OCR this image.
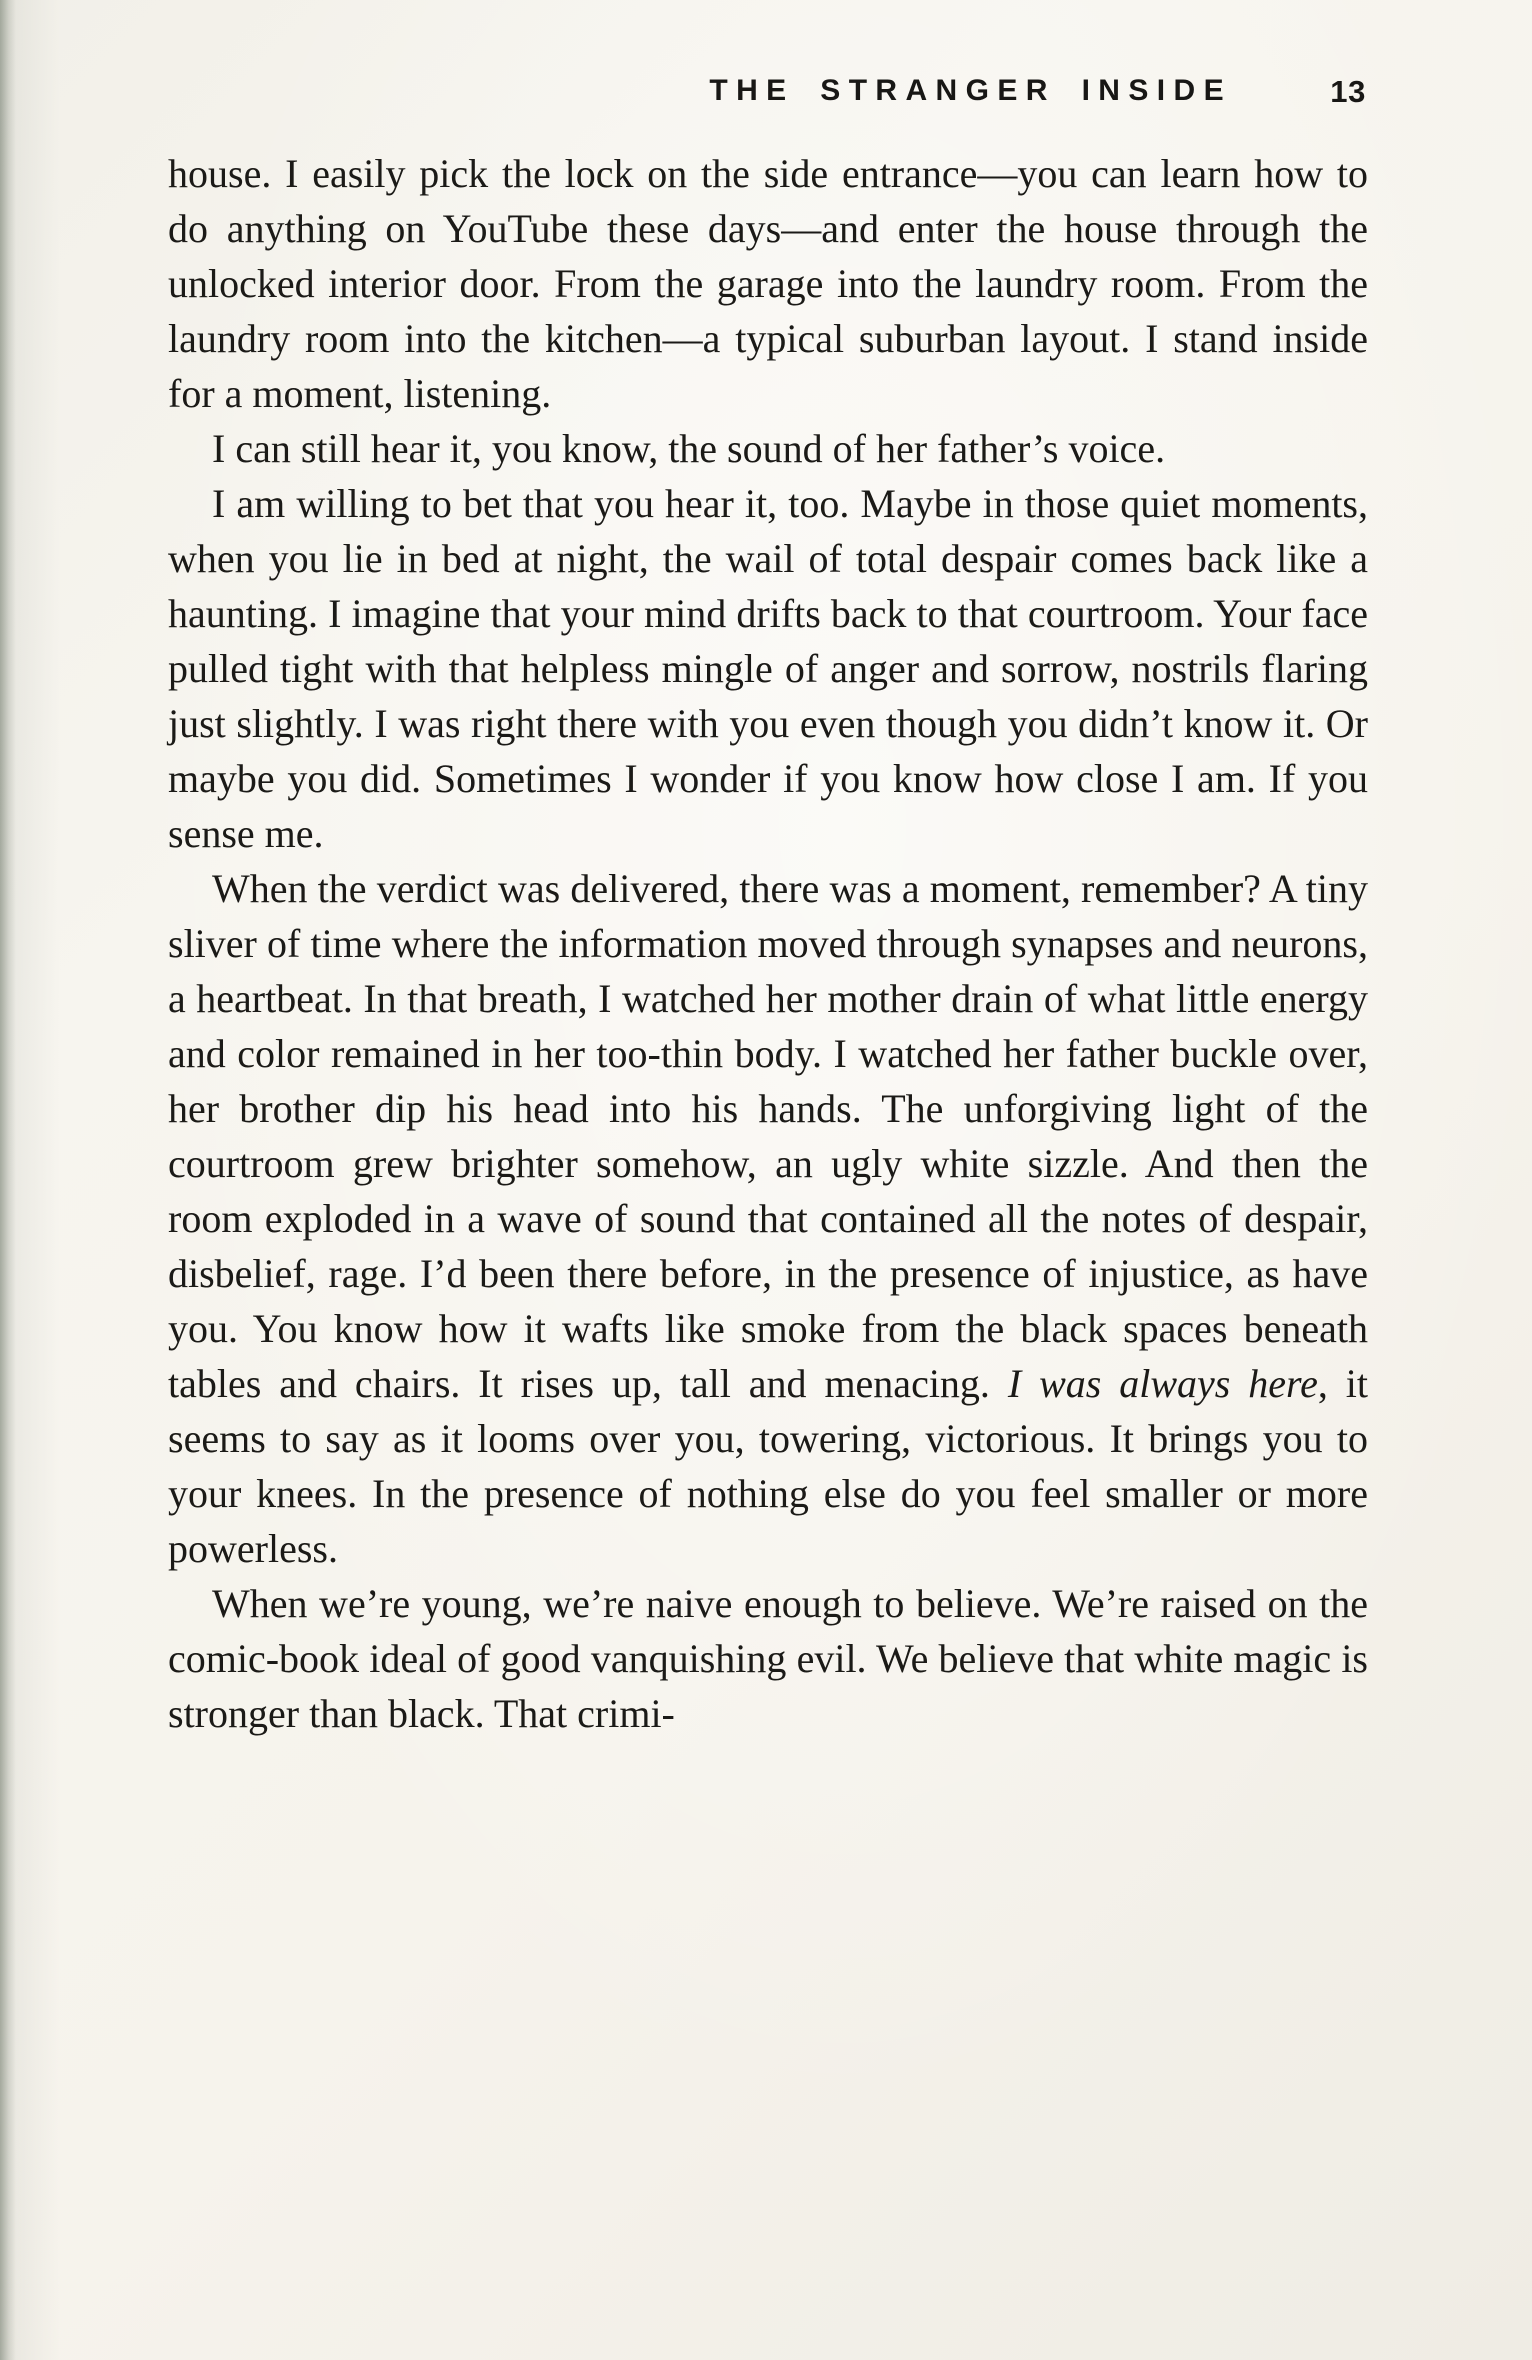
THE STRANGER INSIDE	13

house. I easily pick the lock on the side entrance—you can learn how to do anything on YouTube these days—and enter the house through the unlocked interior door. From the garage into the laundry room. From the laundry room into the kitchen—a typical suburban layout. I stand inside for a moment, listening.

I can still hear it, you know, the sound of her father’s voice.

I am willing to bet that you hear it, too. Maybe in those quiet moments, when you lie in bed at night, the wail of total despair comes back like a haunting. I imagine that your mind drifts back to that courtroom. Your face pulled tight with that helpless mingle of anger and sorrow, nostrils flaring just slightly. I was right there with you even though you didn’t know it. Or maybe you did. Sometimes I wonder if you know how close I am. If you sense me.

When the verdict was delivered, there was a moment, remember? A tiny sliver of time where the information moved through synapses and neurons, a heartbeat. In that breath, I watched her mother drain of what little energy and color remained in her too-thin body. I watched her father buckle over, her brother dip his head into his hands. The unforgiving light of the courtroom grew brighter somehow, an ugly white sizzle. And then the room exploded in a wave of sound that contained all the notes of despair, disbelief, rage. I’d been there before, in the presence of injustice, as have you. You know how it wafts like smoke from the black spaces beneath tables and chairs. It rises up, tall and menacing. I was always here, it seems to say as it looms over you, towering, victorious. It brings you to your knees. In the presence of nothing else do you feel smaller or more powerless.

When we’re young, we’re naive enough to believe. We’re raised on the comic-book ideal of good vanquishing evil. We believe that white magic is stronger than black. That crimi-
